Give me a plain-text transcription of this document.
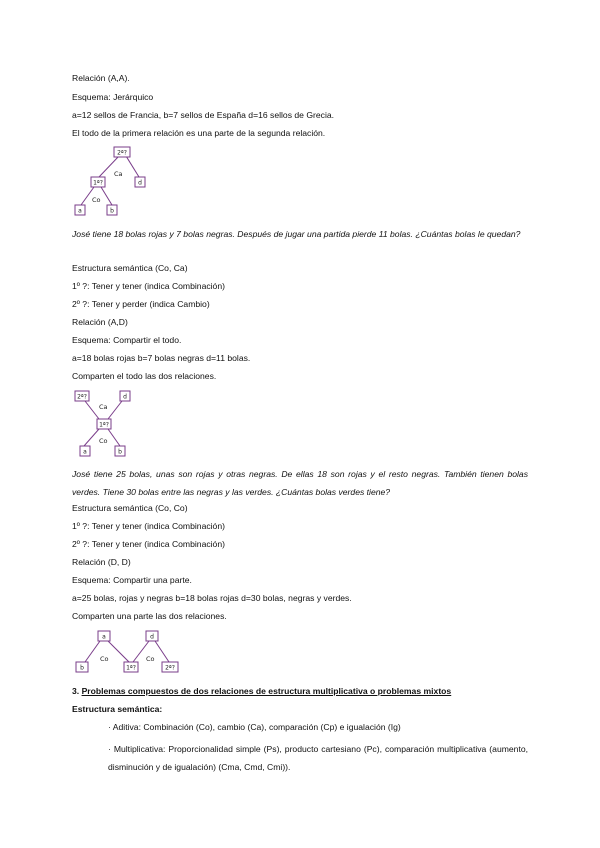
Relación (A,A).
Esquema: Jerárquico
a=12 sellos de Francia, b=7 sellos de España d=16 sellos de Grecia.
El todo de la primera relación es una parte de la segunda relación.
2ª?
1ª?	d
a	b
Ca
Co
José tiene 18 bolas rojas y 7 bolas negras. Después de jugar una partida pierde 11 bolas. ¿Cuántas bolas le quedan?
Estructura semántica (Co, Ca)
1º ?: Tener y tener (indica Combinación)
2º ?: Tener y perder (indica Cambio)
Relación (A,D)
Esquema: Compartir el todo.
a=18 bolas rojas b=7 bolas negras d=11 bolas.
Comparten el todo las dos relaciones.
2ª?	d
1ª?
a	b
Ca
Co
José tiene 25 bolas, unas son rojas y otras negras. De ellas 18 son rojas y el resto negras. También tienen bolas verdes. Tiene 30 bolas entre las negras y las verdes. ¿Cuántas bolas verdes tiene?
Estructura semántica (Co, Co)
1º ?: Tener y tener (indica Combinación)
2º ?: Tener y tener (indica Combinación)
Relación (D, D)
Esquema: Compartir una parte.
a=25 bolas, rojas y negras b=18 bolas rojas d=30 bolas, negras y verdes.
Comparten una parte las dos relaciones.
a	d
b	1ª?	2ª?
Co	Co
3. Problemas compuestos de dos relaciones de estructura multiplicativa o problemas mixtos
Estructura semántica:
· Aditiva: Combinación (Co), cambio (Ca), comparación (Cp) e igualación (Ig)
· Multiplicativa: Proporcionalidad simple (Ps), producto cartesiano (Pc), comparación multiplicativa (aumento, disminución y de igualación) (Cma, Cmd, Cmi)).
